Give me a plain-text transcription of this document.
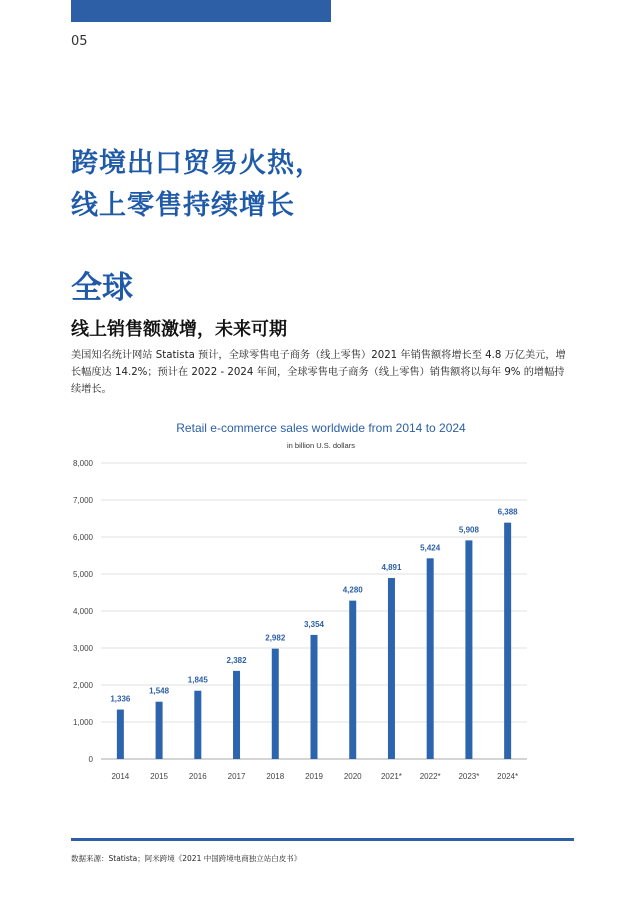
05
跨境出口贸易火热，
线上零售持续增长
全球
线上销售额激增，未来可期
美国知名统计网站 Statista 预计，全球零售电子商务（线上零售）2021 年销售额将增长至 4.8 万亿美元，增长幅度达 14.2%；预计在 2022 - 2024 年间，全球零售电子商务（线上零售）销售额将以每年 9% 的增幅持续增长。
Retail e-commerce sales worldwide from 2014 to 2024
in billion U.S. dollars
0
1,000
2,000
3,000
4,000
5,000
6,000
7,000
8,000
1,336
2014
1,548
2015
1,845
2016
2,382
2017
2,982
2018
3,354
2019
4,280
2020
4,891
2021*
5,424
2022*
5,908
2023*
6,388
2024*
数据来源：Statista；阿米跨境《2021 中国跨境电商独立站白皮书》
